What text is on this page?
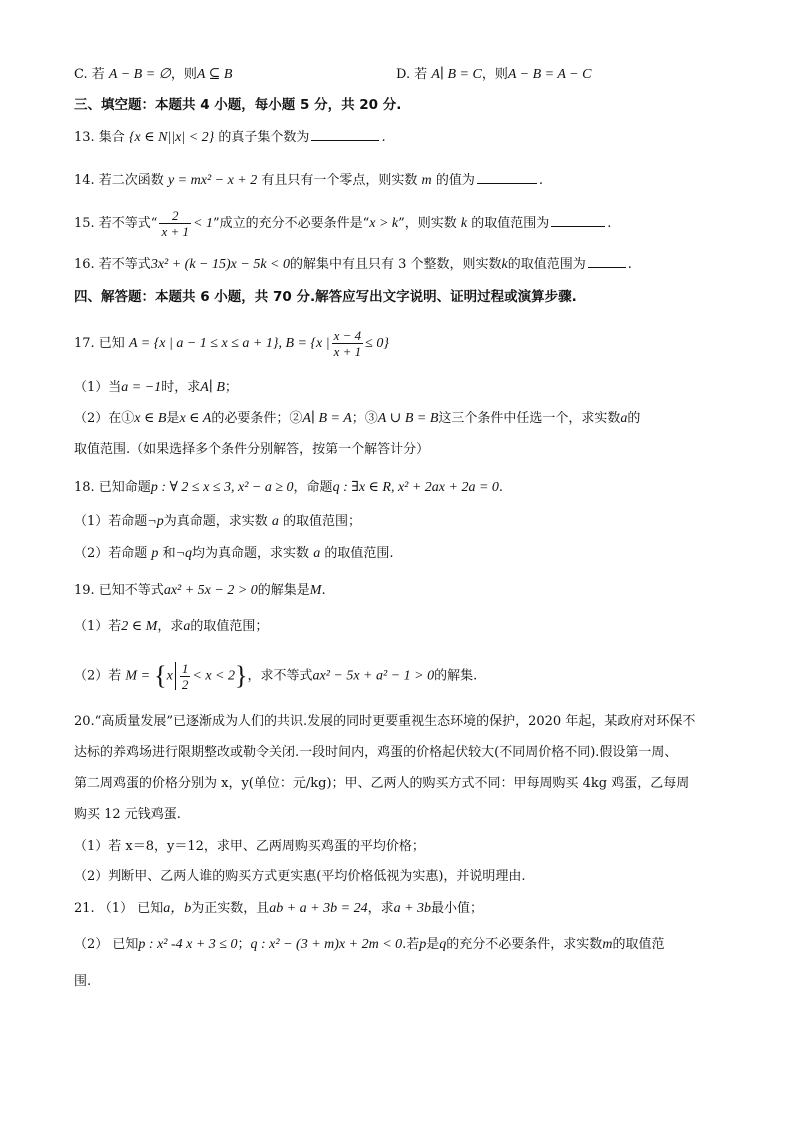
C. 若 A − B = ∅，则A ⊆ B	D. 若 A∣ B = C，则A − B = A − C
三、填空题：本题共 4 小题，每小题 5 分，共 20 分.
13. 集合 {x ∈ N||x| < 2} 的真子集个数为	.
14. 若二次函数 y = mx² − x + 2 有且只有一个零点，则实数 m 的值为	.
15. 若不等式“ $\frac{2}{x + 1} < 1$”成立的充分不必要条件是“x > k”，则实数 k 的取值范围为	.
16. 若不等式3x² + (k − 15)x − 5k < 0的解集中有且只有 3 个整数，则实数k的取值范围为	.
四、解答题：本题共 6 小题，共 70 分.解答应写出文字说明、证明过程或演算步骤.
17. 已知 A = {x | a − 1 ≤ x ≤ a + 1}, B = {x | $\frac{x - 4}{x + 1} \le 0$}
（1）当a = −1时，求A∣ B；
（2）在①x ∈ B是x ∈ A的必要条件；②A∣ B = A；③A ∪ B = B这三个条件中任选一个，求实数a的
取值范围.（如果选择多个条件分别解答，按第一个解答计分）
18. 已知命题p : ∀ 2 ≤ x ≤ 3, x² − a ≥ 0，命题q : ∃x ∈ R, x² + 2ax + 2a = 0.
（1）若命题¬p为真命题，求实数 a 的取值范围；
（2）若命题 p 和¬q均为真命题，求实数 a 的取值范围.
19. 已知不等式ax² + 5x − 2 > 0的解集是M.
（1）若2 ∈ M，求a的取值范围；
（2）若 $M = \{x \frac{1}{2} < x < 2\}$，求不等式ax² − 5x + a² − 1 > 0的解集.
20.“高质量发展”已逐渐成为人们的共识.发展的同时更要重视生态环境的保护，2020 年起，某政府对环保不
达标的养鸡场进行限期整改或勒令关闭.一段时间内，鸡蛋的价格起伏较大(不同周价格不同).假设第一周、
第二周鸡蛋的价格分别为 x，y(单位：元/kg)；甲、乙两人的购买方式不同：甲每周购买 4kg 鸡蛋，乙每周
购买 12 元钱鸡蛋.
（1）若 x＝8，y＝12，求甲、乙两周购买鸡蛋的平均价格；
（2）判断甲、乙两人谁的购买方式更实惠(平均价格低视为实惠)，并说明理由.
21. （1） 已知a，b为正实数，且ab + a + 3b = 24，求a + 3b最小值；
（2） 已知p : x² -4 x + 3 ≤ 0；q : x² − (3 + m)x + 2m < 0.若p是q的充分不必要条件，求实数m的取值范
围.
